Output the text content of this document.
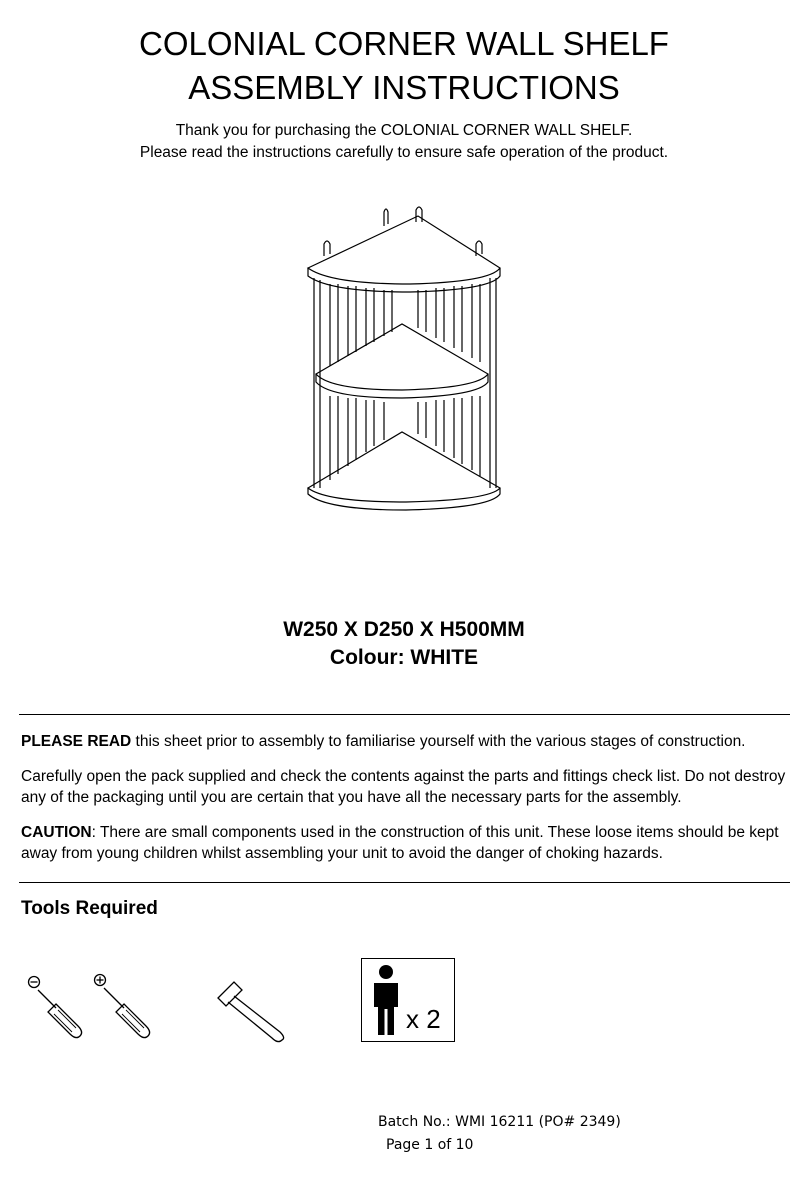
COLONIAL CORNER WALL SHELF
ASSEMBLY INSTRUCTIONS
Thank you for purchasing the COLONIAL CORNER WALL SHELF.
Please read the instructions carefully to ensure safe operation of the product.
W250 X D250 X H500MM
Colour: WHITE

PLEASE READ this sheet prior to assembly to familiarise yourself with the various stages of construction.

Carefully open the pack supplied and check the contents against the parts and fittings check list. Do not destroy any of the packaging until you are certain that you have all the necessary parts for the assembly.

CAUTION: There are small components used in the construction of this unit. These loose items should be kept away from young children whilst assembling your unit to avoid the danger of choking hazards.

Tools Required
x 2
Batch No.: WMI 16211 (PO# 2349)
Page 1 of 10
